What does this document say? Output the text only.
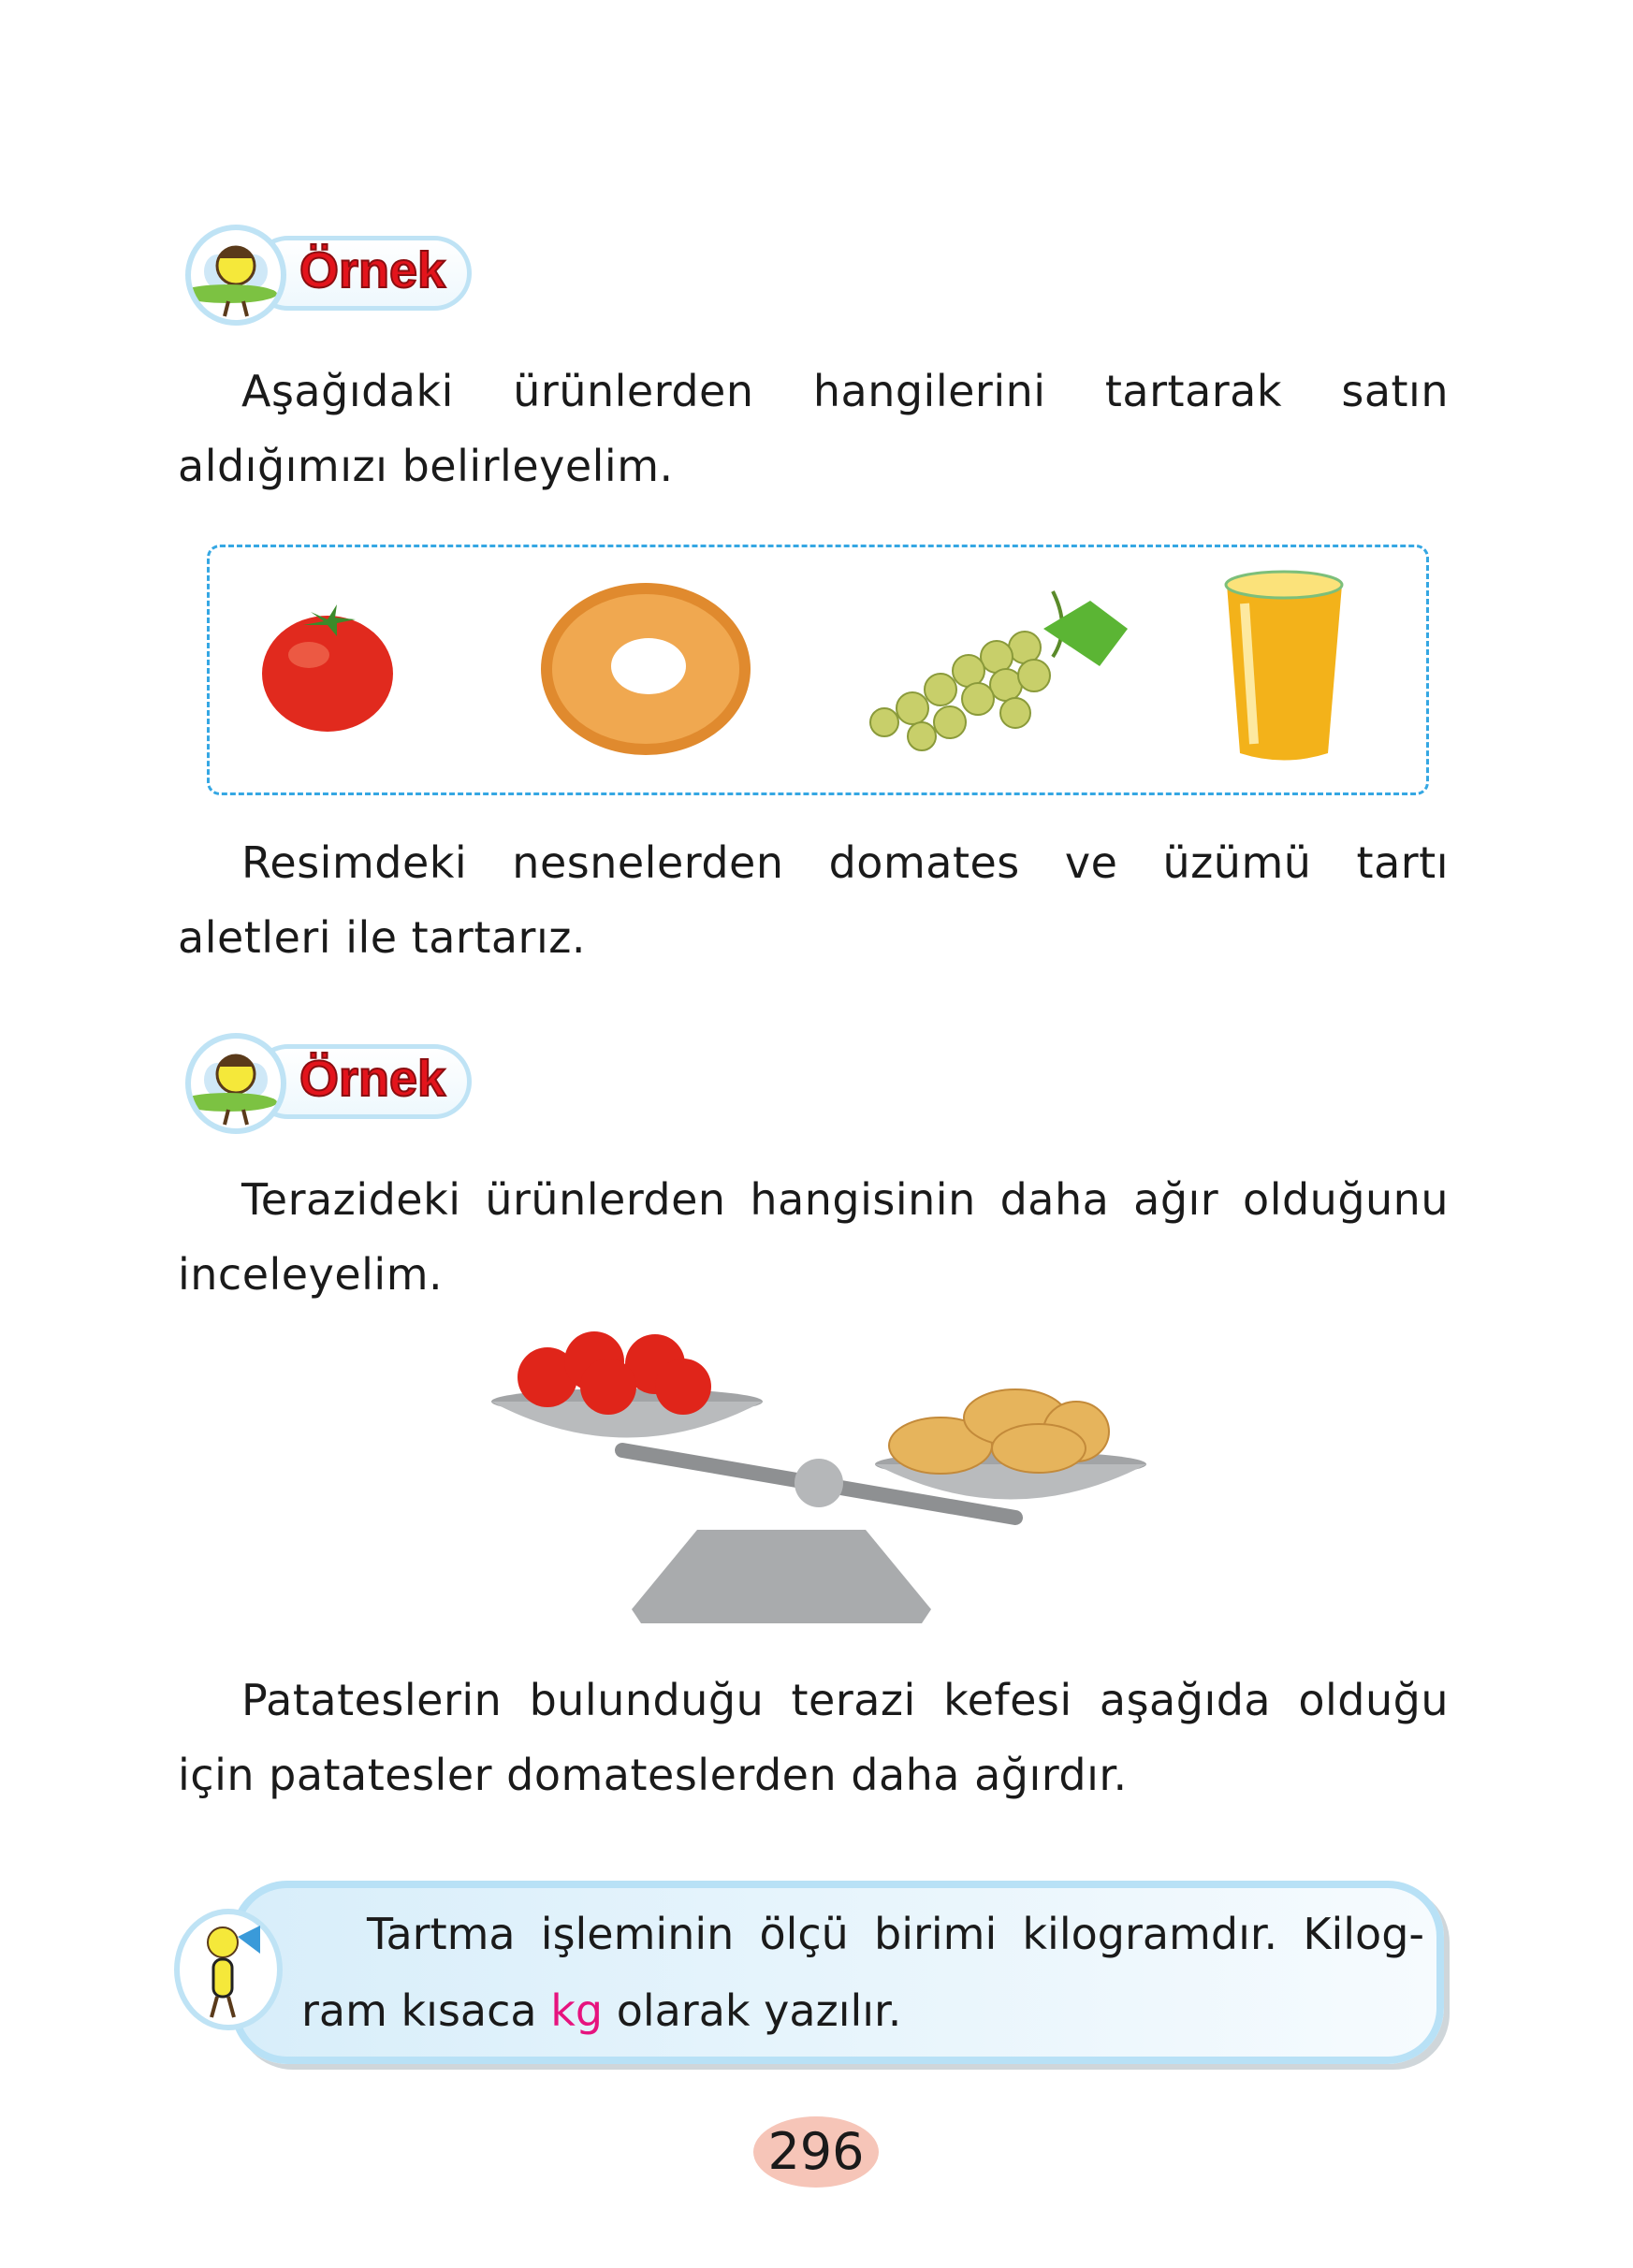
Örnek
Aşağıdaki ürünlerden hangilerini tartarak satın aldığımızı belirleyelim.
Resimdeki nesnelerden domates ve üzümü tartı aletleri ile tartarız.
Örnek
Terazideki ürünlerden hangisinin daha ağır olduğunu inceleyelim.
Patateslerin bulunduğu terazi kefesi aşağıda olduğu için patatesler domateslerden daha ağırdır.
Tartma işleminin ölçü birimi kilogramdır. Kilog-ram kısaca kg olarak yazılır.
296
